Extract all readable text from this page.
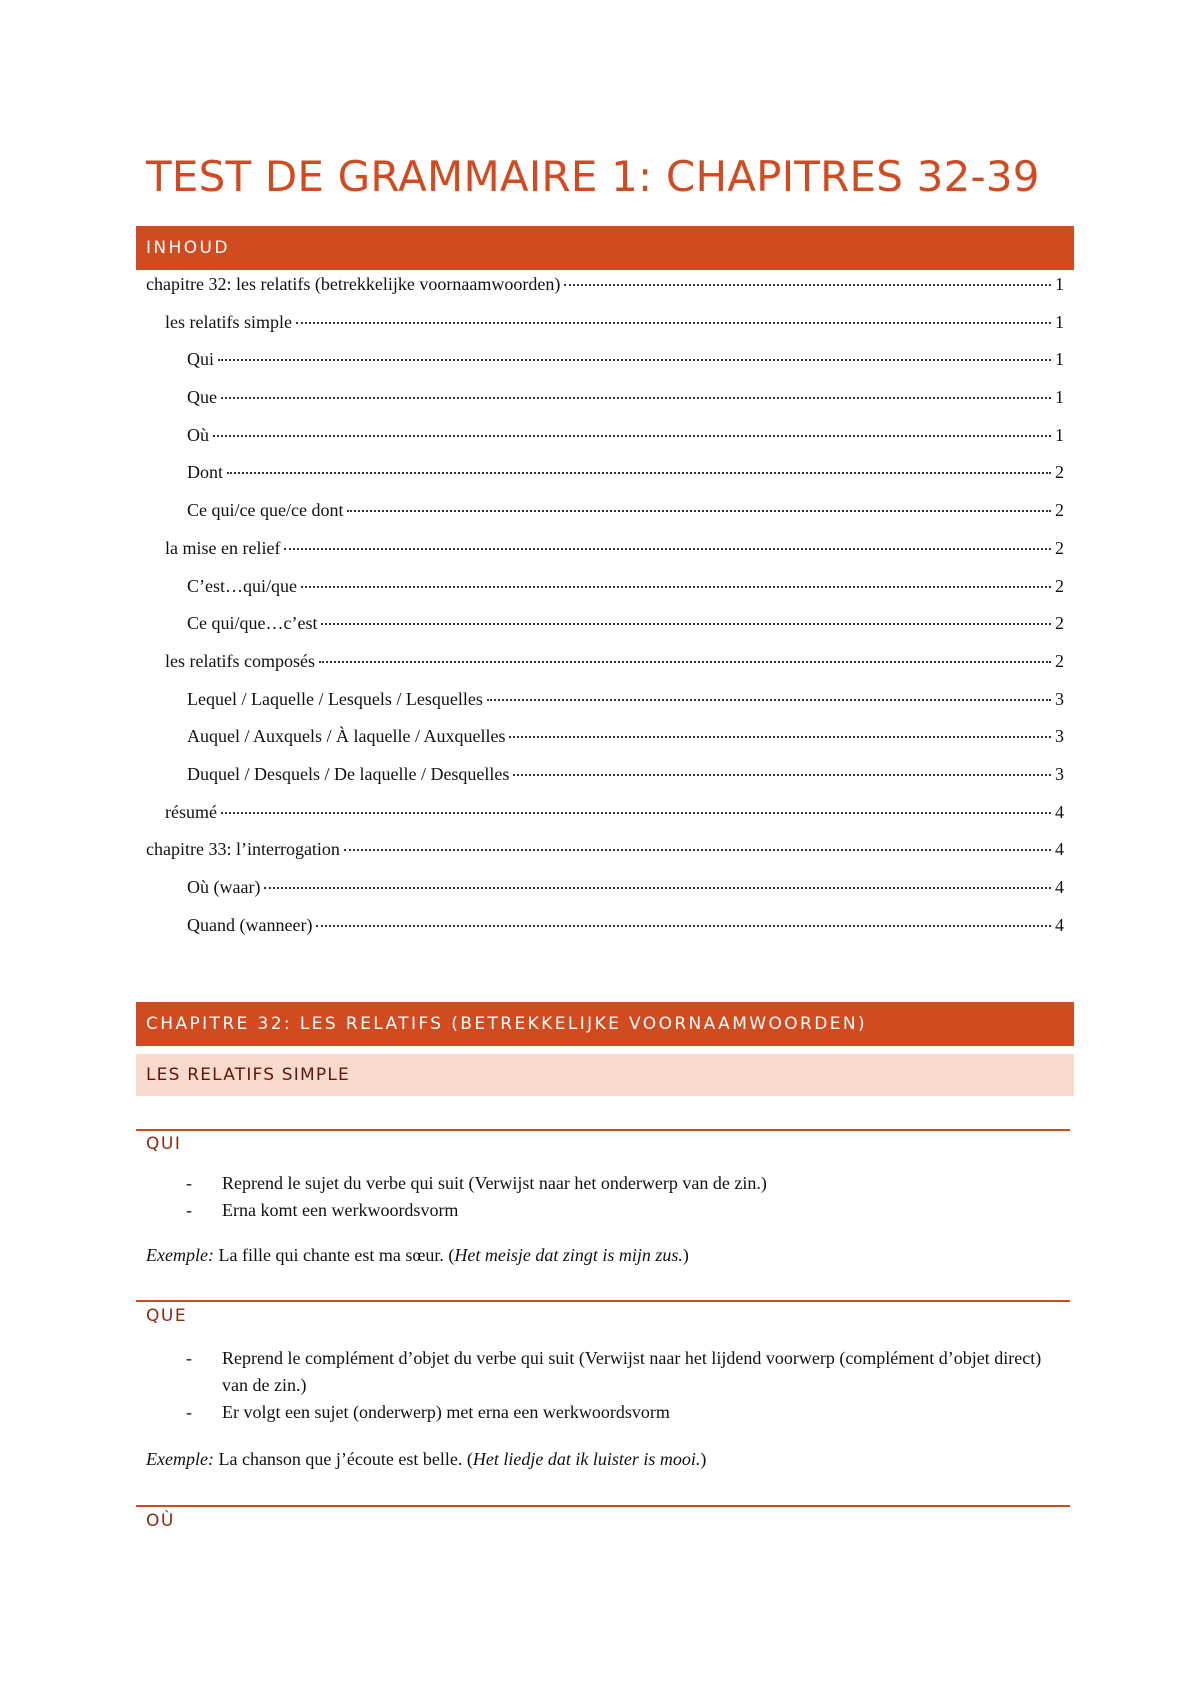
TEST DE GRAMMAIRE 1: CHAPITRES 32-39
INHOUD
chapitre 32: les relatifs (betrekkelijke voornaamwoorden)	1
les relatifs simple	1
Qui	1
Que	1
Où	1
Dont	2
Ce qui/ce que/ce dont	2
la mise en relief	2
C’est…qui/que	2
Ce qui/que…c’est	2
les relatifs composés	2
Lequel / Laquelle / Lesquels / Lesquelles	3
Auquel / Auxquels / À laquelle / Auxquelles	3
Duquel / Desquels / De laquelle / Desquelles	3
résumé	4
chapitre 33: l’interrogation	4
Où (waar)	4
Quand (wanneer)	4
CHAPITRE 32: LES RELATIFS (BETREKKELIJKE VOORNAAMWOORDEN)
LES RELATIFS SIMPLE
QUI
- Reprend le sujet du verbe qui suit (Verwijst naar het onderwerp van de zin.)
- Erna komt een werkwoordsvorm
Exemple: La fille qui chante est ma sœur. (Het meisje dat zingt is mijn zus.)
QUE
- Reprend le complément d’objet du verbe qui suit (Verwijst naar het lijdend voorwerp (complément d’objet direct) van de zin.)
- Er volgt een sujet (onderwerp) met erna een werkwoordsvorm
Exemple: La chanson que j’écoute est belle. (Het liedje dat ik luister is mooi.)
OÙ
